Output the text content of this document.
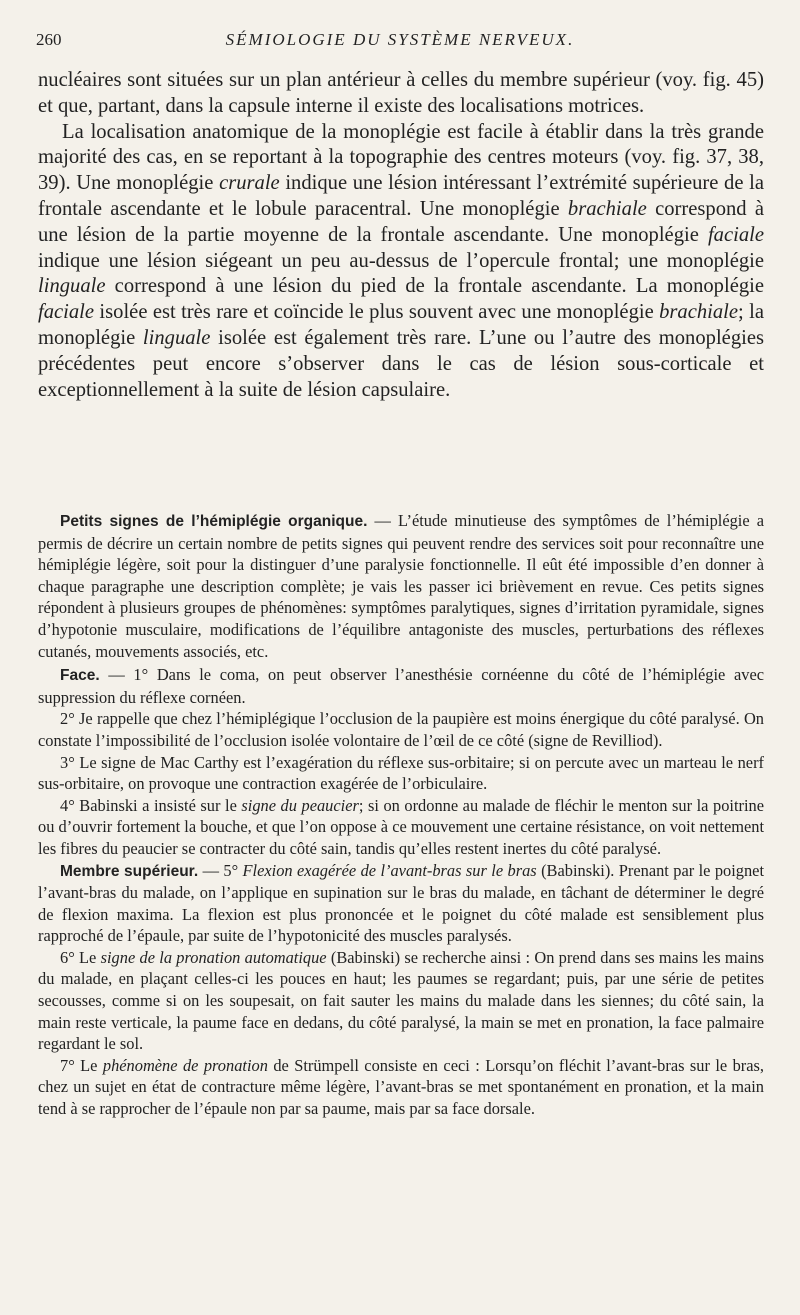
260	SÉMIOLOGIE DU SYSTÈME NERVEUX.

nucléaires sont situées sur un plan antérieur à celles du membre supérieur (voy. fig. 45) et que, partant, dans la capsule interne il existe des localisations motrices.

La localisation anatomique de la monoplégie est facile à établir dans la très grande majorité des cas, en se reportant à la topographie des centres moteurs (voy. fig. 37, 38, 39). Une monoplégie crurale indique une lésion intéressant l’extrémité supérieure de la frontale ascendante et le lobule paracentral. Une monoplégie brachiale correspond à une lésion de la partie moyenne de la frontale ascendante. Une monoplégie faciale indique une lésion siégeant un peu au-dessus de l’opercule frontal; une monoplégie linguale correspond à une lésion du pied de la frontale ascendante. La monoplégie faciale isolée est très rare et coïncide le plus souvent avec une monoplégie brachiale; la monoplégie linguale isolée est également très rare. L’une ou l’autre des monoplégies précédentes peut encore s’observer dans le cas de lésion sous-corticale et exceptionnellement à la suite de lésion capsulaire.

Petits signes de l’hémiplégie organique. — L’étude minutieuse des symptômes de l’hémiplégie a permis de décrire un certain nombre de petits signes qui peuvent rendre des services soit pour reconnaître une hémiplégie légère, soit pour la distinguer d’une paralysie fonctionnelle. Il eût été impossible d’en donner à chaque paragraphe une description complète; je vais les passer ici brièvement en revue. Ces petits signes répondent à plusieurs groupes de phénomènes: symptômes paralytiques, signes d’irritation pyramidale, signes d’hypotonie musculaire, modifications de l’équilibre antagoniste des muscles, perturbations des réflexes cutanés, mouvements associés, etc.

Face. — 1° Dans le coma, on peut observer l’anesthésie cornéenne du côté de l’hémiplégie avec suppression du réflexe cornéen.

2° Je rappelle que chez l’hémiplégique l’occlusion de la paupière est moins énergique du côté paralysé. On constate l’impossibilité de l’occlusion isolée volontaire de l’œil de ce côté (signe de Revilliod).

3° Le signe de Mac Carthy est l’exagération du réflexe sus-orbitaire; si on percute avec un marteau le nerf sus-orbitaire, on provoque une contraction exagérée de l’orbiculaire.

4° Babinski a insisté sur le signe du peaucier; si on ordonne au malade de fléchir le menton sur la poitrine ou d’ouvrir fortement la bouche, et que l’on oppose à ce mouvement une certaine résistance, on voit nettement les fibres du peaucier se contracter du côté sain, tandis qu’elles restent inertes du côté paralysé.

Membre supérieur. — 5° Flexion exagérée de l’avant-bras sur le bras (Babinski). Prenant par le poignet l’avant-bras du malade, on l’applique en supination sur le bras du malade, en tâchant de déterminer le degré de flexion maxima. La flexion est plus prononcée et le poignet du côté malade est sensiblement plus rapproché de l’épaule, par suite de l’hypotonicité des muscles paralysés.

6° Le signe de la pronation automatique (Babinski) se recherche ainsi : On prend dans ses mains les mains du malade, en plaçant celles-ci les pouces en haut; les paumes se regardant; puis, par une série de petites secousses, comme si on les soupesait, on fait sauter les mains du malade dans les siennes; du côté sain, la main reste verticale, la paume face en dedans, du côté paralysé, la main se met en pronation, la face palmaire regardant le sol.

7° Le phénomène de pronation de Strümpell consiste en ceci : Lorsqu’on fléchit l’avant-bras sur le bras, chez un sujet en état de contracture même légère, l’avant-bras se met spontanément en pronation, et la main tend à se rapprocher de l’épaule non par sa paume, mais par sa face dorsale.
